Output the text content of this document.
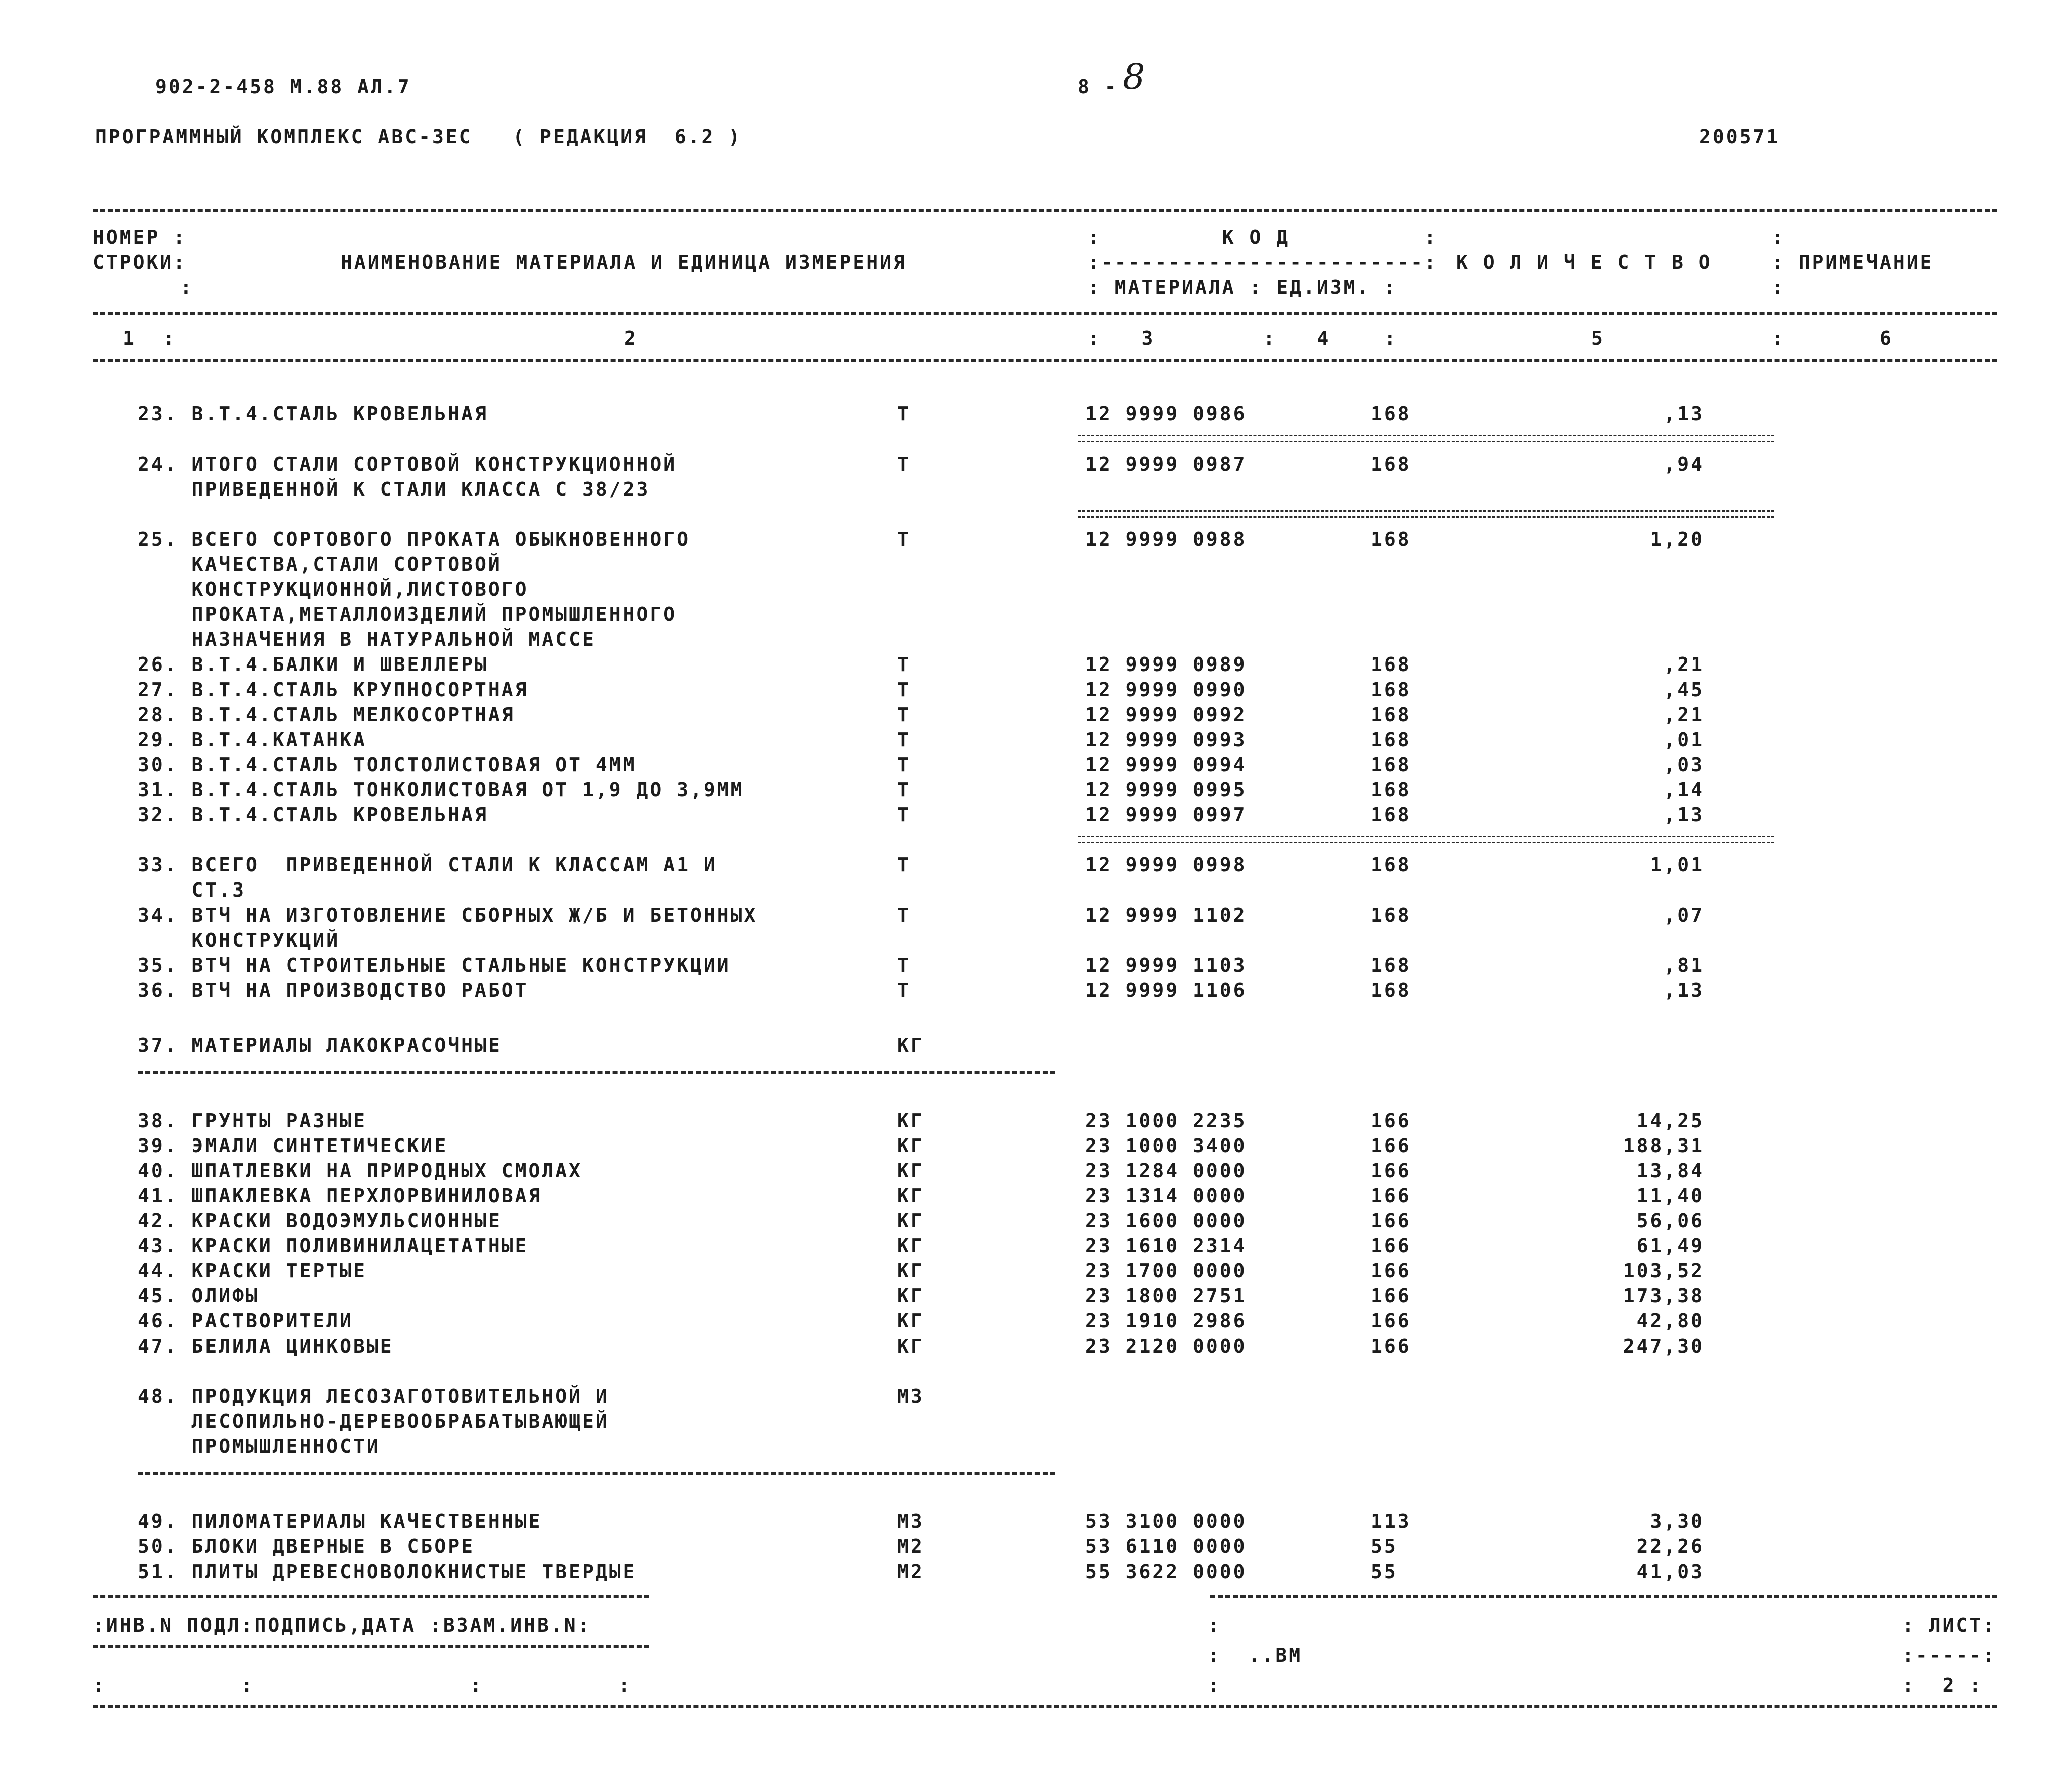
902-2-458 M.88 AЛ.7	8 - 8
ПРОГРАММНЫЙ КОМПЛЕКС АВС-ЗЕС   ( РЕДАКЦИЯ  6.2 )	200571
НОМЕР :
СТРОКИ:
:
НАИМЕНОВАНИЕ МАТЕРИАЛА И ЕДИНИЦА ИЗМЕРЕНИЯ
:         К О Д          :
:------------------------:
: МАТЕРИАЛА : ЕД.ИЗМ. :
К О Л И Ч Е С Т В О
:
: ПРИМЕЧАНИЕ
:
1  :	2	:   3	:   4    :	5	:       6
23. В.Т.4.СТАЛЬ КРОВЕЛЬНАЯ	Т	12 9999 0986	168	,13
24. ИТОГО СТАЛИ СОРТОВОЙ КОНСТРУКЦИОННОЙ
ПРИВЕДЕННОЙ К СТАЛИ КЛАССА С 38/23
Т	12 9999 0987	168	,94
25. ВСЕГО СОРТОВОГО ПРОКАТА ОБЫКНОВЕННОГО
КАЧЕСТВА,СТАЛИ СОРТОВОЙ
КОНСТРУКЦИОННОЙ,ЛИСТОВОГО
ПРОКАТА,МЕТАЛЛОИЗДЕЛИЙ ПРОМЫШЛЕННОГО
НАЗНАЧЕНИЯ В НАТУРАЛЬНОЙ МАССЕ
Т	12 9999 0988	168	1,20
26. В.Т.4.БАЛКИ И ШВЕЛЛЕРЫ	Т	12 9999 0989	168	,21
27. В.Т.4.СТАЛЬ КРУПНОСОРТНАЯ	Т	12 9999 0990	168	,45
28. В.Т.4.СТАЛЬ МЕЛКОСОРТНАЯ	Т	12 9999 0992	168	,21
29. В.Т.4.КАТАНКА	Т	12 9999 0993	168	,01
30. В.Т.4.СТАЛЬ ТОЛСТОЛИСТОВАЯ ОТ 4ММ	Т	12 9999 0994	168	,03
31. В.Т.4.СТАЛЬ ТОНКОЛИСТОВАЯ ОТ 1,9 ДО 3,9ММ	Т	12 9999 0995	168	,14
32. В.Т.4.СТАЛЬ КРОВЕЛЬНАЯ	Т	12 9999 0997	168	,13
33. ВСЕГО  ПРИВЕДЕННОЙ СТАЛИ К КЛАССАМ А1 И
СТ.3
Т	12 9999 0998	168	1,01
34. ВТЧ НА ИЗГОТОВЛЕНИЕ СБОРНЫХ Ж/Б И БЕТОННЫХ
КОНСТРУКЦИЙ
Т	12 9999 1102	168	,07
35. ВТЧ НА СТРОИТЕЛЬНЫЕ СТАЛЬНЫЕ КОНСТРУКЦИИ	Т	12 9999 1103	168	,81
36. ВТЧ НА ПРОИЗВОДСТВО РАБОТ	Т	12 9999 1106	168	,13
37. МАТЕРИАЛЫ ЛАКОКРАСОЧНЫЕ	КГ
38. ГРУНТЫ РАЗНЫЕ	КГ	23 1000 2235	166	14,25
39. ЭМАЛИ СИНТЕТИЧЕСКИЕ	КГ	23 1000 3400	166	188,31
40. ШПАТЛЕВКИ НА ПРИРОДНЫХ СМОЛАХ	КГ	23 1284 0000	166	13,84
41. ШПАКЛЕВКА ПЕРХЛОРВИНИЛОВАЯ	КГ	23 1314 0000	166	11,40
42. КРАСКИ ВОДОЭМУЛЬСИОННЫЕ	КГ	23 1600 0000	166	56,06
43. КРАСКИ ПОЛИВИНИЛАЦЕТАТНЫЕ	КГ	23 1610 2314	166	61,49
44. КРАСКИ ТЕРТЫЕ	КГ	23 1700 0000	166	103,52
45. ОЛИФЫ	КГ	23 1800 2751	166	173,38
46. РАСТВОРИТЕЛИ	КГ	23 1910 2986	166	42,80
47. БЕЛИЛА ЦИНКОВЫЕ	КГ	23 2120 0000	166	247,30
48. ПРОДУКЦИЯ ЛЕСОЗАГОТОВИТЕЛЬНОЙ И
ЛЕСОПИЛЬНО-ДЕРЕВООБРАБАТЫВАЮЩЕЙ
ПРОМЫШЛЕННОСТИ
М3
49. ПИЛОМАТЕРИАЛЫ КАЧЕСТВЕННЫЕ	М3	53 3100 0000	113	3,30
50. БЛОКИ ДВЕРНЫЕ В СБОРЕ	М2	53 6110 0000	55	22,26
51. ПЛИТЫ ДРЕВЕСНОВОЛОКНИСТЫЕ ТВЕРДЫЕ	М2	55 3622 0000	55	41,03
:ИНВ.N ПОДЛ:ПОДПИСЬ,ДАТА :ВЗАМ.ИНВ.N:
:          :                :          :
:
:  ..ВМ
:
: ЛИСТ:
:-----:
:  2 :
